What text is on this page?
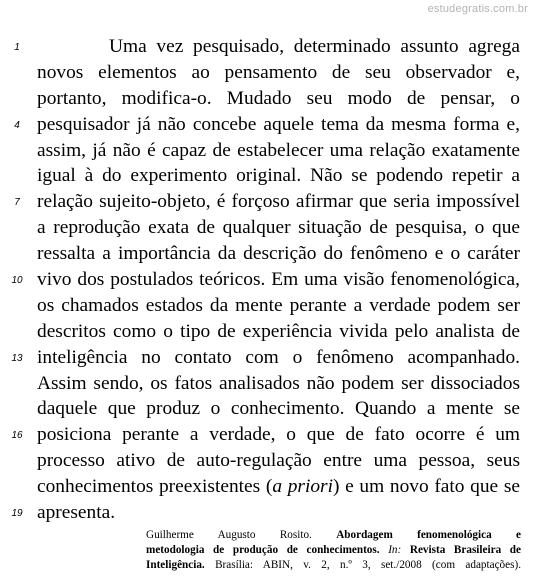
estudegratis.com.br
1	Uma vez pesquisado, determinado assunto agrega
novos elementos ao pensamento de seu observador e,
portanto, modifica-o. Mudado seu modo de pensar, o
4 pesquisador já não concebe aquele tema da mesma forma e,
assim, já não é capaz de estabelecer uma relação exatamente
igual à do experimento original. Não se podendo repetir a
7 relação sujeito-objeto, é forçoso afirmar que seria impossível
a reprodução exata de qualquer situação de pesquisa, o que
ressalta a importância da descrição do fenômeno e o caráter
10 vivo dos postulados teóricos. Em uma visão fenomenológica,
os chamados estados da mente perante a verdade podem ser
descritos como o tipo de experiência vivida pelo analista de
13 inteligência no contato com o fenômeno acompanhado.
Assim sendo, os fatos analisados não podem ser dissociados
daquele que produz o conhecimento. Quando a mente se
16 posiciona perante a verdade, o que de fato ocorre é um
processo ativo de auto-regulação entre uma pessoa, seus
conhecimentos preexistentes (a priori) e um novo fato que se
19 apresenta.
Guilherme Augusto Rosito. Abordagem fenomenológica e
metodologia de produção de conhecimentos. In: Revista Brasileira de
Inteligência. Brasília: ABIN, v. 2, n.º 3, set./2008 (com adaptações).
